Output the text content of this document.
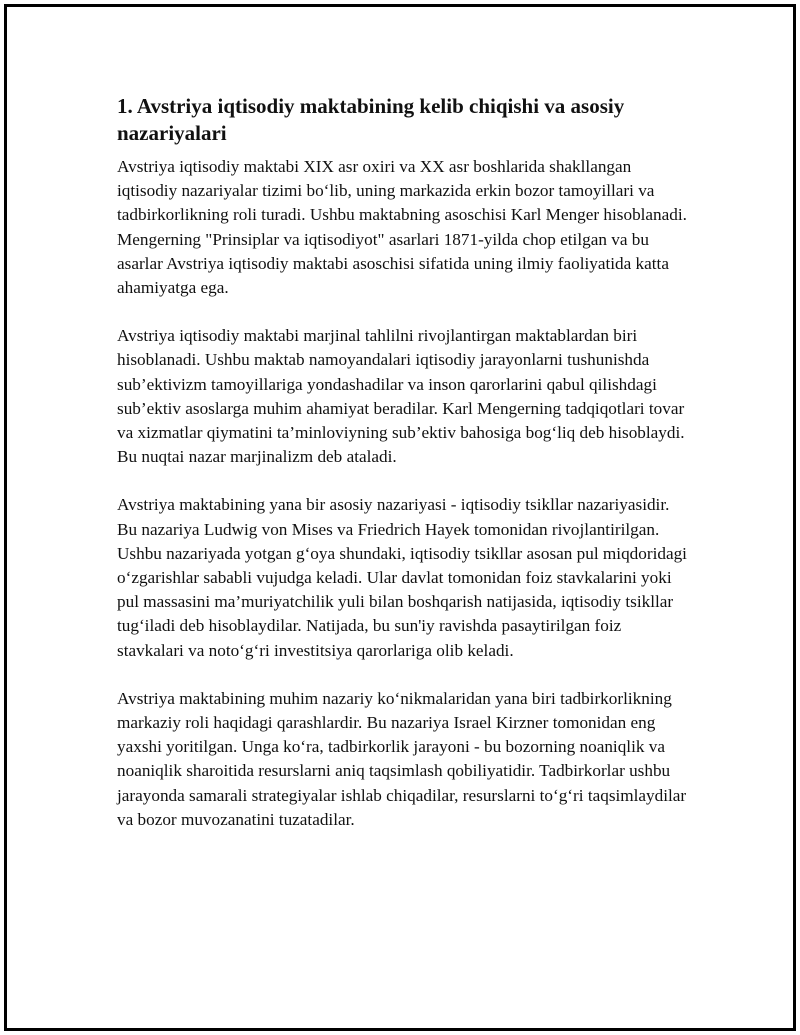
1. Avstriya iqtisodiy maktabining kelib chiqishi va asosiy nazariyalari

Avstriya iqtisodiy maktabi XIX asr oxiri va XX asr boshlarida shakllangan iqtisodiy nazariyalar tizimi bo‘lib, uning markazida erkin bozor tamoyillari va tadbirkorlikning roli turadi. Ushbu maktabning asoschisi Karl Menger hisoblanadi. Mengerning "Prinsiplar va iqtisodiyot" asarlari 1871-yilda chop etilgan va bu asarlar Avstriya iqtisodiy maktabi asoschisi sifatida uning ilmiy faoliyatida katta ahamiyatga ega.

Avstriya iqtisodiy maktabi marjinal tahlilni rivojlantirgan maktablardan biri hisoblanadi. Ushbu maktab namoyandalari iqtisodiy jarayonlarni tushunishda sub’ektivizm tamoyillariga yondashadilar va inson qarorlarini qabul qilishdagi sub’ektiv asoslarga muhim ahamiyat beradilar. Karl Mengerning tadqiqotlari tovar va xizmatlar qiymatini ta’minloviyning sub’ektiv bahosiga bog‘liq deb hisoblaydi. Bu nuqtai nazar marjinalizm deb ataladi.

Avstriya maktabining yana bir asosiy nazariyasi - iqtisodiy tsikllar nazariyasidir. Bu nazariya Ludwig von Mises va Friedrich Hayek tomonidan rivojlantirilgan. Ushbu nazariyada yotgan g‘oya shundaki, iqtisodiy tsikllar asosan pul miqdoridagi o‘zgarishlar sababli vujudga keladi. Ular davlat tomonidan foiz stavkalarini yoki pul massasini ma’muriyatchilik yuli bilan boshqarish natijasida, iqtisodiy tsikllar tug‘iladi deb hisoblaydilar. Natijada, bu sun'iy ravishda pasaytirilgan foiz stavkalari va noto‘g‘ri investitsiya qarorlariga olib keladi.

Avstriya maktabining muhim nazariy ko‘nikmalaridan yana biri tadbirkorlikning markaziy roli haqidagi qarashlardir. Bu nazariya Israel Kirzner tomonidan eng yaxshi yoritilgan. Unga ko‘ra, tadbirkorlik jarayoni - bu bozorning noaniqlik va noaniqlik sharoitida resurslarni aniq taqsimlash qobiliyatidir. Tadbirkorlar ushbu jarayonda samarali strategiyalar ishlab chiqadilar, resurslarni to‘g‘ri taqsimlaydilar va bozor muvozanatini tuzatadilar.
